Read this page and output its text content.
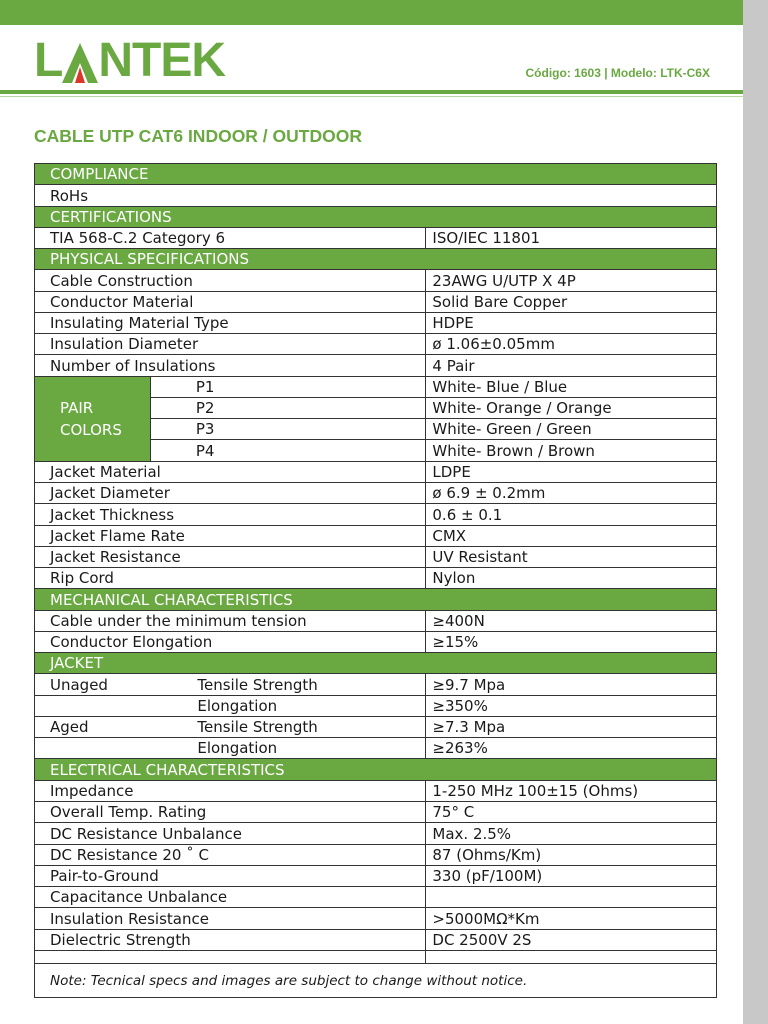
L NTEK	Código: 1603 | Modelo: LTK-C6X
CABLE UTP CAT6 INDOOR / OUTDOOR
COMPLIANCE		
RoHs		
CERTIFICATIONS		
TIA 568-C.2 Category 6		ISO/IEC 11801
PHYSICAL SPECIFICATIONS		
Cable Construction		23AWG U/UTP X 4P
Conductor Material		Solid Bare Copper
Insulating Material Type		HDPE
Insulation Diameter		ø 1.06±0.05mm
Number of Insulations		4 Pair
PAIR
COLORS	P1	White- Blue / Blue
	P2	White- Orange / Orange
	P3	White- Green / Green
	P4	White- Brown / Brown
Jacket Material		LDPE
Jacket Diameter		ø 6.9 ± 0.2mm
Jacket Thickness		0.6 ± 0.1
Jacket Flame Rate		CMX
Jacket Resistance		UV Resistant
Rip Cord		Nylon
MECHANICAL CHARACTERISTICS		
Cable under the minimum tension		≥400N
Conductor Elongation		≥15%
JACKET		
Unaged	Tensile Strength	≥9.7 Mpa
	Elongation	≥350%
Aged	Tensile Strength	≥7.3 Mpa
	Elongation	≥263%
ELECTRICAL CHARACTERISTICS		
Impedance		1-250 MHz 100±15 (Ohms)
Overall Temp. Rating		75° C
DC Resistance Unbalance		Max. 2.5%
DC Resistance 20 ˚ C		87 (Ohms/Km)
Pair-to-Ground		330 (pF/100M)
Capacitance Unbalance		
Insulation Resistance		>5000MΩ*Km
Dielectric Strength		DC 2500V 2S

Note: Tecnical specs and images are subject to change without notice.		
